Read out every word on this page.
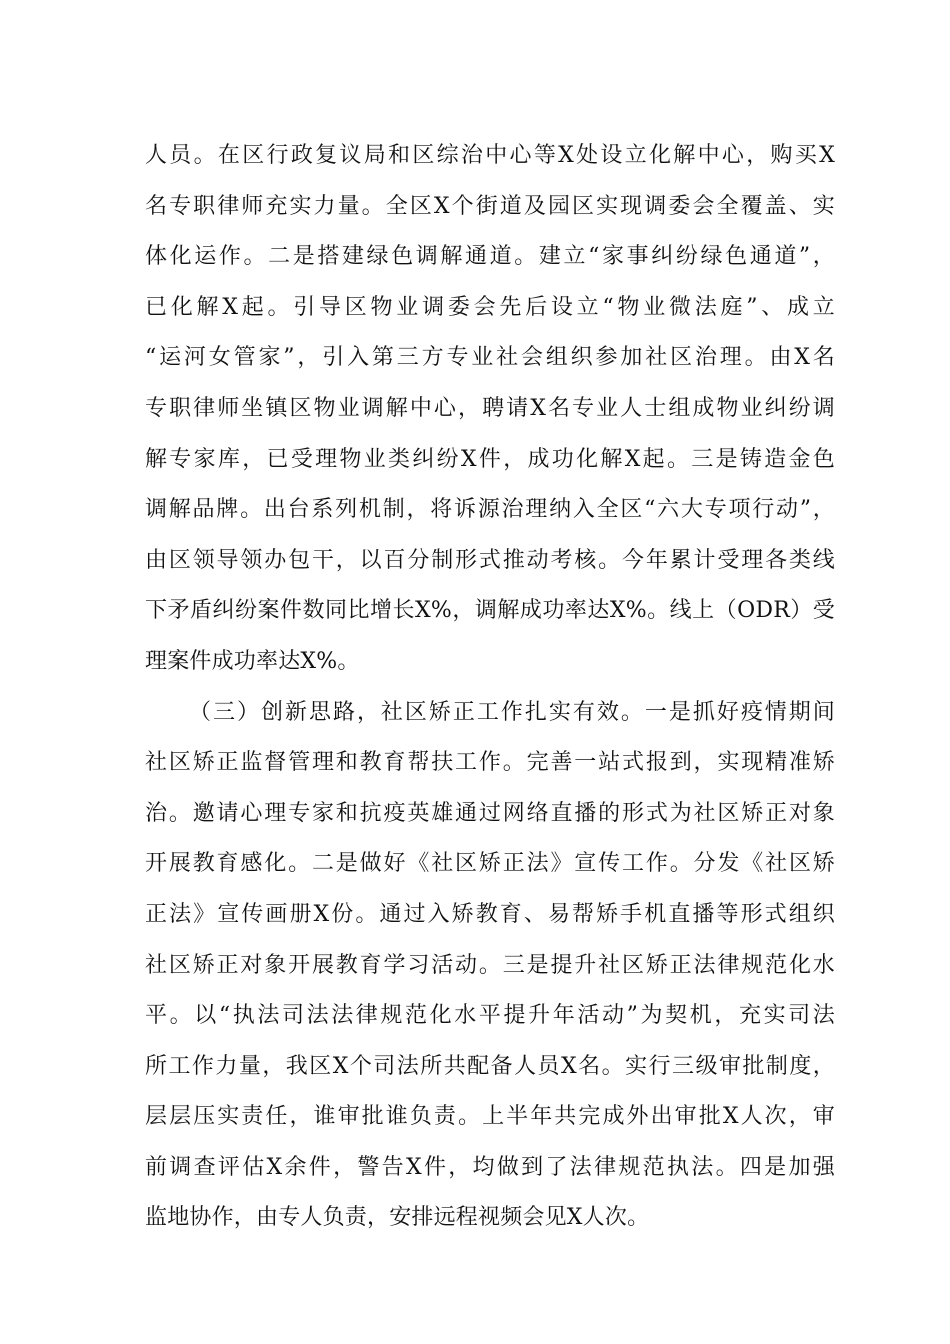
人员。在区行政复议局和区综治中心等X处设立化解中心，购买X
名专职律师充实力量。全区X个街道及园区实现调委会全覆盖、实
体化运作。二是搭建绿色调解通道。建立“家事纠纷绿色通道”，
已化解X起。引导区物业调委会先后设立“物业微法庭”、成立
“运河女管家”，引入第三方专业社会组织参加社区治理。由X名
专职律师坐镇区物业调解中心，聘请X名专业人士组成物业纠纷调
解专家库，已受理物业类纠纷X件，成功化解X起。三是铸造金色
调解品牌。出台系列机制，将诉源治理纳入全区“六大专项行动”，
由区领导领办包干，以百分制形式推动考核。今年累计受理各类线
下矛盾纠纷案件数同比增长X%，调解成功率达X%。线上（ODR）受
理案件成功率达X%。
（三）创新思路，社区矫正工作扎实有效。一是抓好疫情期间
社区矫正监督管理和教育帮扶工作。完善一站式报到，实现精准矫
治。邀请心理专家和抗疫英雄通过网络直播的形式为社区矫正对象
开展教育感化。二是做好《社区矫正法》宣传工作。分发《社区矫
正法》宣传画册X份。通过入矫教育、易帮矫手机直播等形式组织
社区矫正对象开展教育学习活动。三是提升社区矫正法律规范化水
平。以“执法司法法律规范化水平提升年活动”为契机，充实司法
所工作力量，我区X个司法所共配备人员X名。实行三级审批制度，
层层压实责任，谁审批谁负责。上半年共完成外出审批X人次，审
前调查评估X余件，警告X件，均做到了法律规范执法。四是加强
监地协作，由专人负责，安排远程视频会见X人次。
